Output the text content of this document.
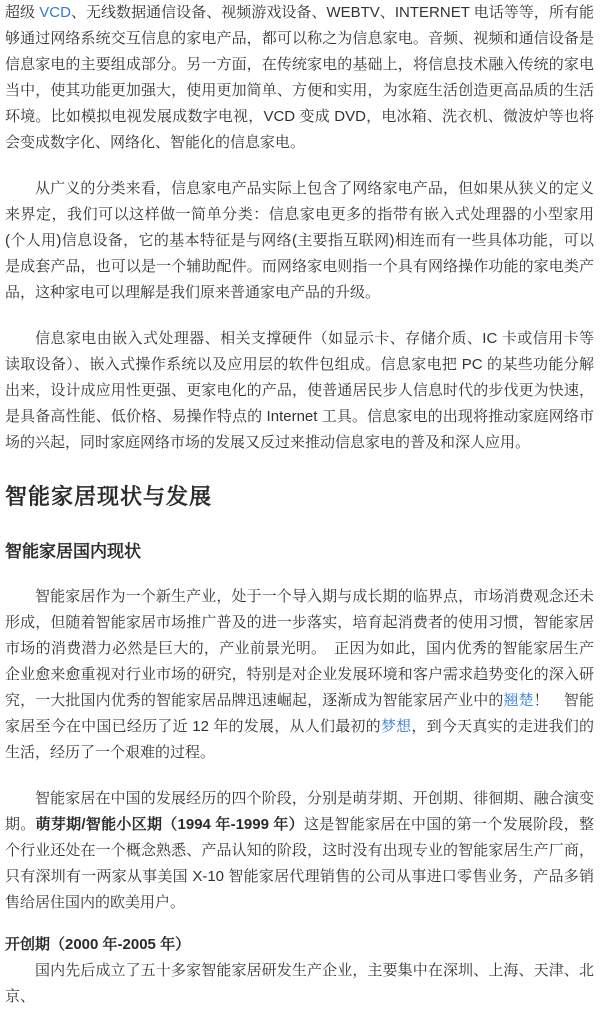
超级 VCD、无线数据通信设备、视频游戏设备、WEBTV、INTERNET 电话等等，所有能够通过网络系统交互信息的家电产品，都可以称之为信息家电。音频、视频和通信设备是信息家电的主要组成部分。另一方面，在传统家电的基础上，将信息技术融入传统的家电当中，使其功能更加强大，使用更加简单、方便和实用，为家庭生活创造更高品质的生活环境。比如模拟电视发展成数字电视，VCD 变成 DVD，电冰箱、洗衣机、微波炉等也将会变成数字化、网络化、智能化的信息家电。

从广义的分类来看，信息家电产品实际上包含了网络家电产品，但如果从狭义的定义来界定，我们可以这样做一简单分类：信息家电更多的指带有嵌入式处理器的小型家用(个人用)信息设备，它的基本特征是与网络(主要指互联网)相连而有一些具体功能，可以是成套产品，也可以是一个辅助配件。而网络家电则指一个具有网络操作功能的家电类产品，这种家电可以理解是我们原来普通家电产品的升级。

信息家电由嵌入式处理器、相关支撑硬件（如显示卡、存储介质、IC 卡或信用卡等读取设备）、嵌入式操作系统以及应用层的软件包组成。信息家电把 PC 的某些功能分解出来，设计成应用性更强、更家电化的产品，使普通居民步人信息时代的步伐更为快速，是具备高性能、低价格、易操作特点的 Internet 工具。信息家电的出现将推动家庭网络市场的兴起，同时家庭网络市场的发展又反过来推动信息家电的普及和深人应用。

智能家居现状与发展
智能家居国内现状

智能家居作为一个新生产业，处于一个导入期与成长期的临界点，市场消费观念还未形成，但随着智能家居市场推广普及的进一步落实，培育起消费者的使用习惯，智能家居市场的消费潜力必然是巨大的，产业前景光明。　正因为如此，国内优秀的智能家居生产企业愈来愈重视对行业市场的研究，特别是对企业发展环境和客户需求趋势变化的深入研究，一大批国内优秀的智能家居品牌迅速崛起，逐渐成为智能家居产业中的翘楚！　智能家居至今在中国已经历了近 12 年的发展，从人们最初的梦想，到今天真实的走进我们的生活，经历了一个艰难的过程。

智能家居在中国的发展经历的四个阶段，分别是萌芽期、开创期、徘徊期、融合演变期。萌芽期/智能小区期（1994 年-1999 年）这是智能家居在中国的第一个发展阶段，整个行业还处在一个概念熟悉、产品认知的阶段，这时没有出现专业的智能家居生产厂商，只有深圳有一两家从事美国 X-10 智能家居代理销售的公司从事进口零售业务，产品多销售给居住国内的欧美用户。

开创期（2000 年-2005 年）

国内先后成立了五十多家智能家居研发生产企业，主要集中在深圳、上海、天津、北京、
